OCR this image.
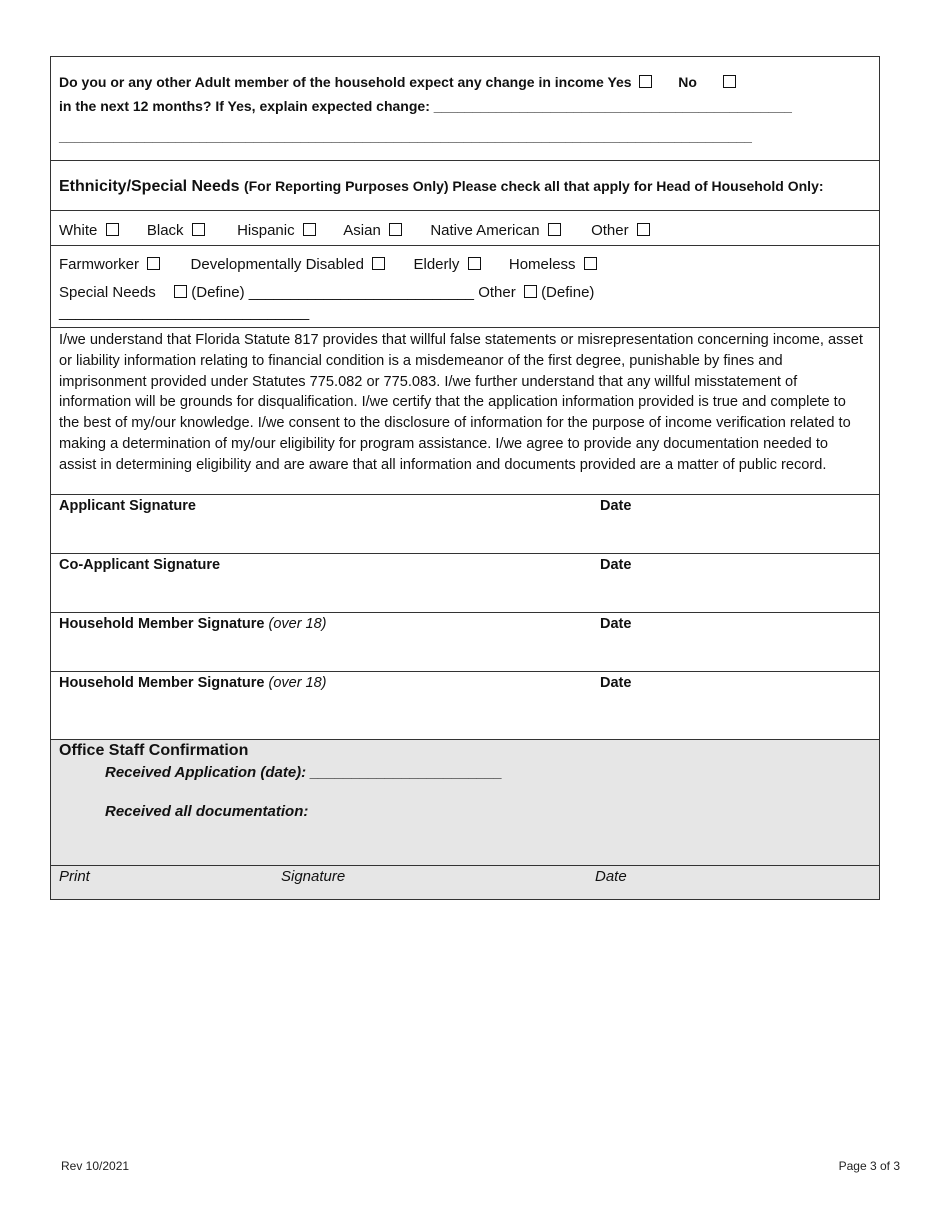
Do you or any other Adult member of the household expect any change in income Yes	No
in the next 12 months? If Yes, explain expected change: ______________________________________________
_________________________________________________________________________________________
Ethnicity/Special Needs (For Reporting Purposes Only) Please check all that apply for Head of Household Only:
White	Black	Hispanic	Asian	Native American	Other
Farmworker	Developmentally Disabled	Elderly	Homeless
Special Needs (Define) ___________________________ Other (Define)
______________________________
I/we understand that Florida Statute 817 provides that willful false statements or misrepresentation concerning income, asset or liability information relating to financial condition is a misdemeanor of the first degree, punishable by fines and imprisonment provided under Statutes 775.082 or 775.083. I/we further understand that any willful misstatement of information will be grounds for disqualification. I/we certify that the application information provided is true and complete to the best of my/our knowledge. I/we consent to the disclosure of information for the purpose of income verification related to making a determination of my/our eligibility for program assistance. I/we agree to provide any documentation needed to assist in determining eligibility and are aware that all information and documents provided are a matter of public record.
Applicant Signature	Date
Co-Applicant Signature	Date
Household Member Signature (over 18)	Date
Household Member Signature (over 18)	Date
Office Staff Confirmation
Received Application (date): _______________________
Received all documentation:
Print	Signature	Date
Rev 10/2021	Page 3 of 3
